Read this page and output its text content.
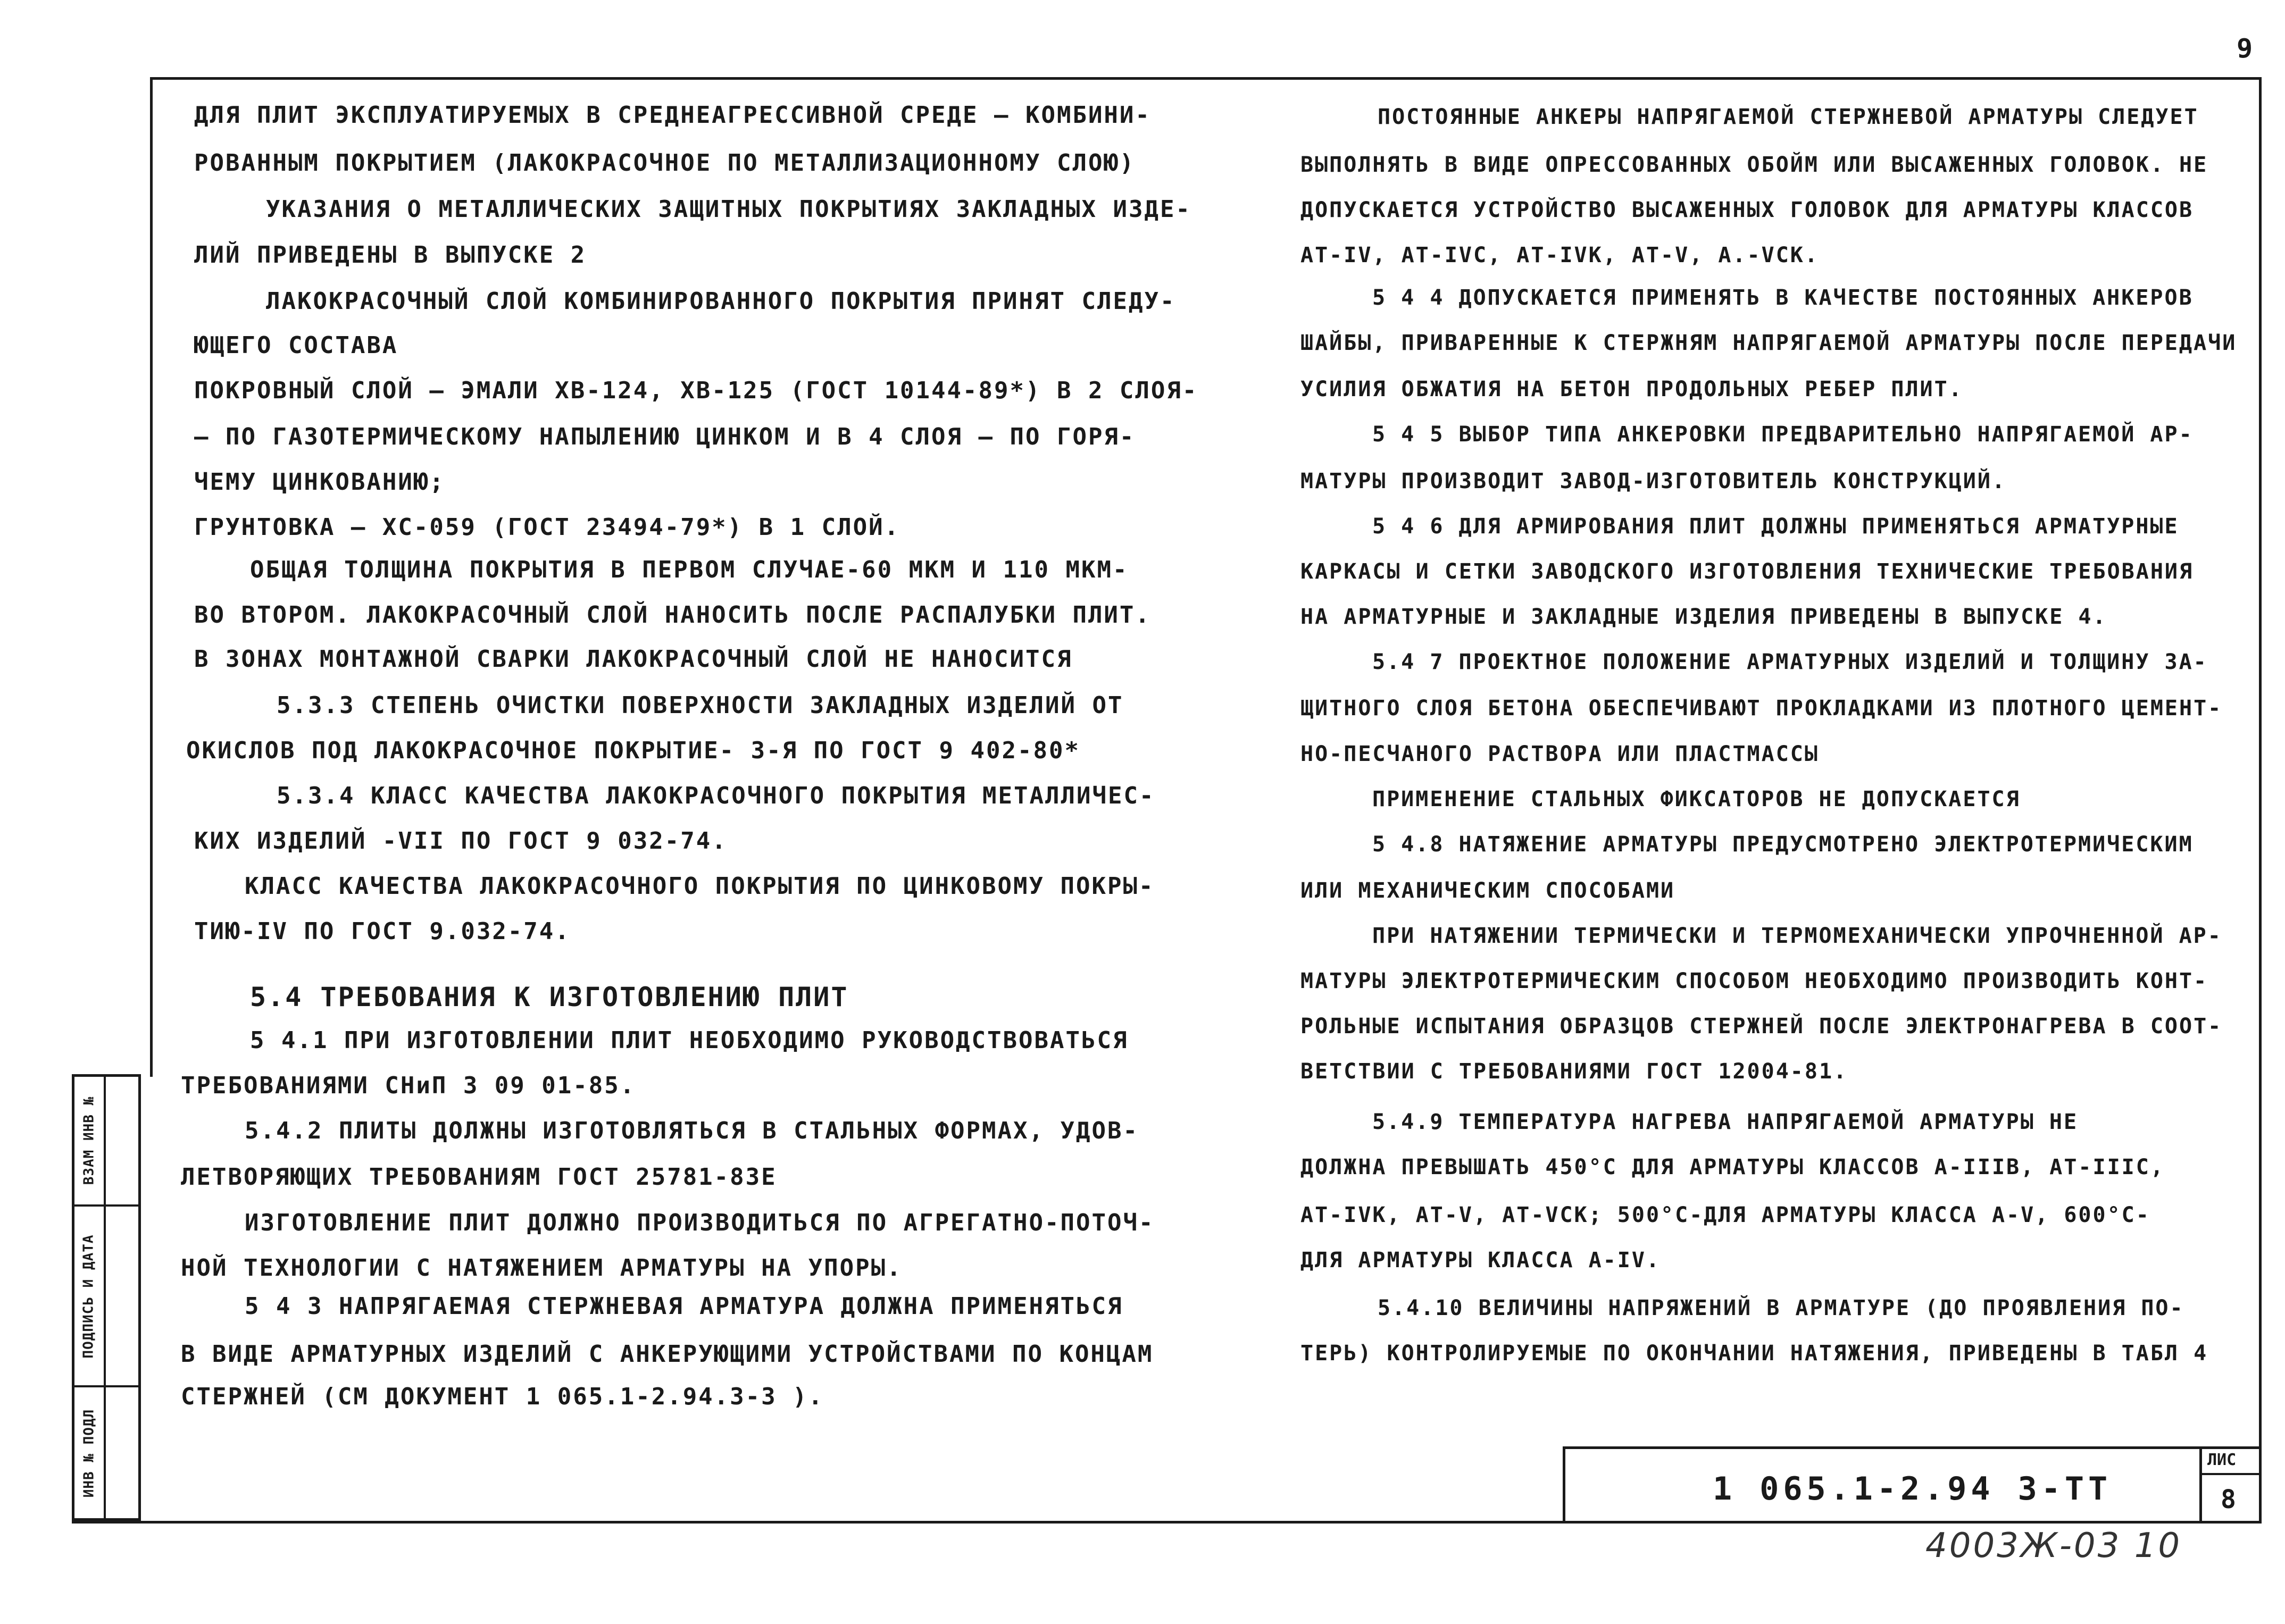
9
ДЛЯ ПЛИТ ЭКСПЛУАТИРУЕМЫХ В СРЕДНЕАГРЕССИВНОЙ СРЕДЕ — КОМБИНИ-
РОВАННЫМ ПОКРЫТИЕМ (ЛАКОКРАСОЧНОЕ ПО МЕТАЛЛИЗАЦИОННОМУ СЛОЮ)
УКАЗАНИЯ О МЕТАЛЛИЧЕСКИХ ЗАЩИТНЫХ ПОКРЫТИЯХ ЗАКЛАДНЫХ ИЗДЕ-
ЛИЙ ПРИВЕДЕНЫ В ВЫПУСКЕ 2
ЛАКОКРАСОЧНЫЙ СЛОЙ КОМБИНИРОВАННОГО ПОКРЫТИЯ ПРИНЯТ СЛЕДУ-
ЮЩЕГО СОСТАВА
ПОКРОВНЫЙ СЛОЙ — ЭМАЛИ ХВ-124, ХВ-125 (ГОСТ 10144-89*) В 2 СЛОЯ-
— ПО ГАЗОТЕРМИЧЕСКОМУ НАПЫЛЕНИЮ ЦИНКОМ И В 4 СЛОЯ — ПО ГОРЯ-
ЧЕМУ ЦИНКОВАНИЮ;
ГРУНТОВКА — ХС-059 (ГОСТ 23494-79*) В 1 СЛОЙ.
ОБЩАЯ ТОЛЩИНА ПОКРЫТИЯ В ПЕРВОМ СЛУЧАЕ-60 МКМ И 110 МКМ-
ВО ВТОРОМ. ЛАКОКРАСОЧНЫЙ СЛОЙ НАНОСИТЬ ПОСЛЕ РАСПАЛУБКИ ПЛИТ.
В ЗОНАХ МОНТАЖНОЙ СВАРКИ ЛАКОКРАСОЧНЫЙ СЛОЙ НЕ НАНОСИТСЯ
5.3.3 СТЕПЕНЬ ОЧИСТКИ ПОВЕРХНОСТИ ЗАКЛАДНЫХ ИЗДЕЛИЙ ОТ
ОКИСЛОВ ПОД ЛАКОКРАСОЧНОЕ ПОКРЫТИЕ- 3-Я ПО ГОСТ 9 402-80*
5.3.4 КЛАСС КАЧЕСТВА ЛАКОКРАСОЧНОГО ПОКРЫТИЯ МЕТАЛЛИЧЕС-
КИХ ИЗДЕЛИЙ -VII ПО ГОСТ 9 032-74.
КЛАСС КАЧЕСТВА ЛАКОКРАСОЧНОГО ПОКРЫТИЯ ПО ЦИНКОВОМУ ПОКРЫ-
ТИЮ-IV ПО ГОСТ 9.032-74.
5.4 ТРЕБОВАНИЯ К ИЗГОТОВЛЕНИЮ ПЛИТ
5 4.1 ПРИ ИЗГОТОВЛЕНИИ ПЛИТ НЕОБХОДИМО РУКОВОДСТВОВАТЬСЯ
ТРЕБОВАНИЯМИ СНиП 3 09 01-85.
5.4.2 ПЛИТЫ ДОЛЖНЫ ИЗГОТОВЛЯТЬСЯ В СТАЛЬНЫХ ФОРМАХ, УДОВ-
ЛЕТВОРЯЮЩИХ ТРЕБОВАНИЯМ ГОСТ 25781-83Е
ИЗГОТОВЛЕНИЕ ПЛИТ ДОЛЖНО ПРОИЗВОДИТЬСЯ ПО АГРЕГАТНО-ПОТОЧ-
НОЙ ТЕХНОЛОГИИ С НАТЯЖЕНИЕМ АРМАТУРЫ НА УПОРЫ.
5 4 3 НАПРЯГАЕМАЯ СТЕРЖНЕВАЯ АРМАТУРА ДОЛЖНА ПРИМЕНЯТЬСЯ
В ВИДЕ АРМАТУРНЫХ ИЗДЕЛИЙ С АНКЕРУЮЩИМИ УСТРОЙСТВАМИ ПО КОНЦАМ
СТЕРЖНЕЙ (СМ ДОКУМЕНТ 1 065.1-2.94.3-3 ).
ПОСТОЯННЫЕ АНКЕРЫ НАПРЯГАЕМОЙ СТЕРЖНЕВОЙ АРМАТУРЫ СЛЕДУЕТ
ВЫПОЛНЯТЬ В ВИДЕ ОПРЕССОВАННЫХ ОБОЙМ ИЛИ ВЫСАЖЕННЫХ ГОЛОВОК. НЕ
ДОПУСКАЕТСЯ УСТРОЙСТВО ВЫСАЖЕННЫХ ГОЛОВОК ДЛЯ АРМАТУРЫ КЛАССОВ
АТ-IV, АТ-IVС, АТ-IVК, АТ-V, А.-VСК.
5 4 4 ДОПУСКАЕТСЯ ПРИМЕНЯТЬ В КАЧЕСТВЕ ПОСТОЯННЫХ АНКЕРОВ
ШАЙБЫ, ПРИВАРЕННЫЕ К СТЕРЖНЯМ НАПРЯГАЕМОЙ АРМАТУРЫ ПОСЛЕ ПЕРЕДАЧИ
УСИЛИЯ ОБЖАТИЯ НА БЕТОН ПРОДОЛЬНЫХ РЕБЕР ПЛИТ.
5 4 5 ВЫБОР ТИПА АНКЕРОВКИ ПРЕДВАРИТЕЛЬНО НАПРЯГАЕМОЙ АР-
МАТУРЫ ПРОИЗВОДИТ ЗАВОД-ИЗГОТОВИТЕЛЬ КОНСТРУКЦИЙ.
5 4 6 ДЛЯ АРМИРОВАНИЯ ПЛИТ ДОЛЖНЫ ПРИМЕНЯТЬСЯ АРМАТУРНЫЕ
КАРКАСЫ И СЕТКИ ЗАВОДСКОГО ИЗГОТОВЛЕНИЯ ТЕХНИЧЕСКИЕ ТРЕБОВАНИЯ
НА АРМАТУРНЫЕ И ЗАКЛАДНЫЕ ИЗДЕЛИЯ ПРИВЕДЕНЫ В ВЫПУСКЕ 4.
5.4 7 ПРОЕКТНОЕ ПОЛОЖЕНИЕ АРМАТУРНЫХ ИЗДЕЛИЙ И ТОЛЩИНУ ЗА-
ЩИТНОГО СЛОЯ БЕТОНА ОБЕСПЕЧИВАЮТ ПРОКЛАДКАМИ ИЗ ПЛОТНОГО ЦЕМЕНТ-
НО-ПЕСЧАНОГО РАСТВОРА ИЛИ ПЛАСТМАССЫ
ПРИМЕНЕНИЕ СТАЛЬНЫХ ФИКСАТОРОВ НЕ ДОПУСКАЕТСЯ
5 4.8 НАТЯЖЕНИЕ АРМАТУРЫ ПРЕДУСМОТРЕНО ЭЛЕКТРОТЕРМИЧЕСКИМ
ИЛИ МЕХАНИЧЕСКИМ СПОСОБАМИ
ПРИ НАТЯЖЕНИИ ТЕРМИЧЕСКИ И ТЕРМОМЕХАНИЧЕСКИ УПРОЧНЕННОЙ АР-
МАТУРЫ ЭЛЕКТРОТЕРМИЧЕСКИМ СПОСОБОМ НЕОБХОДИМО ПРОИЗВОДИТЬ КОНТ-
РОЛЬНЫЕ ИСПЫТАНИЯ ОБРАЗЦОВ СТЕРЖНЕЙ ПОСЛЕ ЭЛЕКТРОНАГРЕВА В СООТ-
ВЕТСТВИИ С ТРЕБОВАНИЯМИ ГОСТ 12004-81.
5.4.9 ТЕМПЕРАТУРА НАГРЕВА НАПРЯГАЕМОЙ АРМАТУРЫ НЕ
ДОЛЖНА ПРЕВЫШАТЬ 450°С ДЛЯ АРМАТУРЫ КЛАССОВ А-IIIВ, АТ-IIIС,
АТ-IVК, АТ-V, АТ-VСК; 500°С-ДЛЯ АРМАТУРЫ КЛАССА А-V, 600°С-
ДЛЯ АРМАТУРЫ КЛАССА А-IV.
5.4.10 ВЕЛИЧИНЫ НАПРЯЖЕНИЙ В АРМАТУРЕ (ДО ПРОЯВЛЕНИЯ ПО-
ТЕРЬ) КОНТРОЛИРУЕМЫЕ ПО ОКОНЧАНИИ НАТЯЖЕНИЯ, ПРИВЕДЕНЫ В ТАБЛ 4
1 065.1-2.94 3-ТТ
ЛИС
8
4003Ж-03 10
ВЗАМ ИНВ №
ПОДПИСЬ И ДАТА
ИНВ № ПОДЛ
